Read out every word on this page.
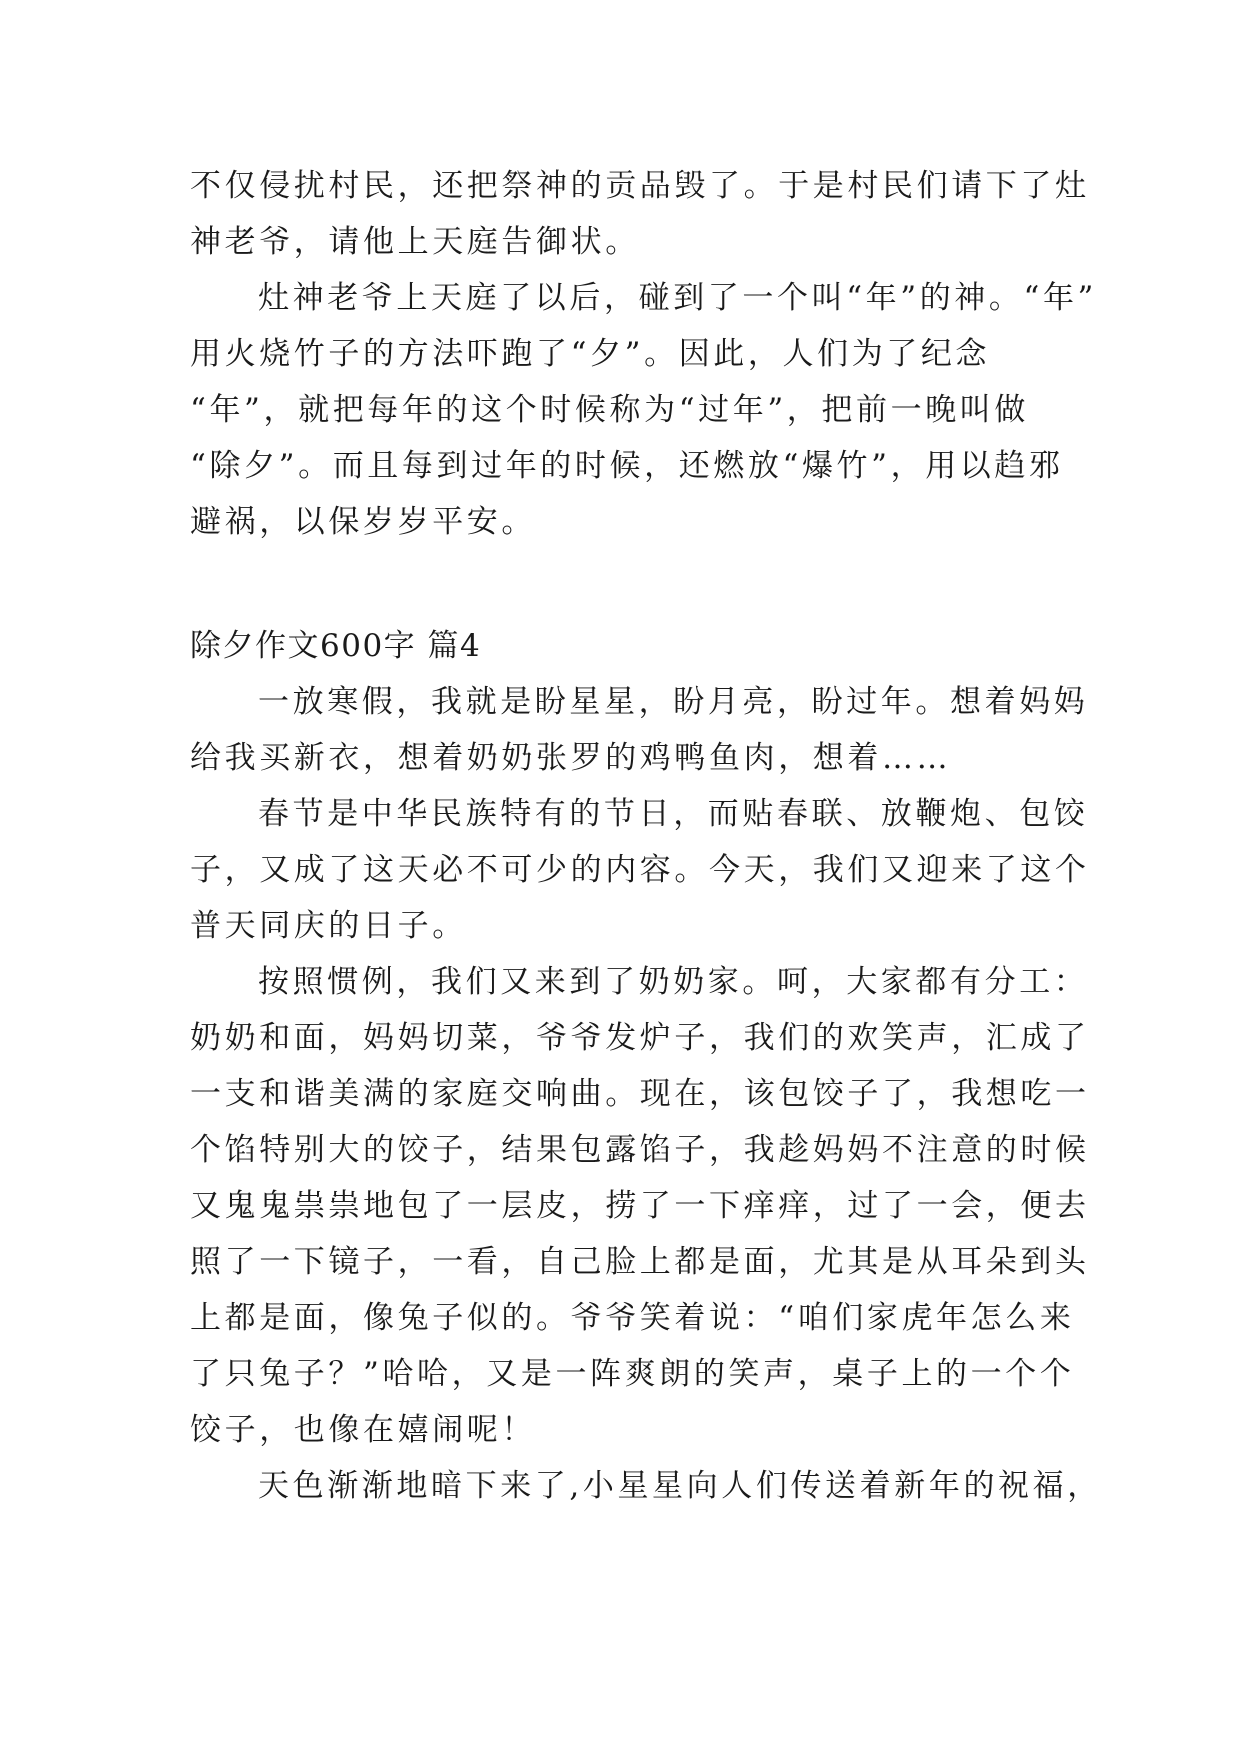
不仅侵扰村民，还把祭神的贡品毁了。于是村民们请下了灶
神老爷，请他上天庭告御状。
灶神老爷上天庭了以后，碰到了一个叫“年”的神。“年”
用火烧竹子的方法吓跑了“夕”。因此，人们为了纪念
“年”，就把每年的这个时候称为“过年”，把前一晚叫做
“除夕”。而且每到过年的时候，还燃放“爆竹”，用以趋邪
避祸，以保岁岁平安。
除夕作文600字 篇4
一放寒假，我就是盼星星，盼月亮，盼过年。想着妈妈
给我买新衣，想着奶奶张罗的鸡鸭鱼肉，想着……
春节是中华民族特有的节日，而贴春联、放鞭炮、包饺
子，又成了这天必不可少的内容。今天，我们又迎来了这个
普天同庆的日子。
按照惯例，我们又来到了奶奶家。呵，大家都有分工：
奶奶和面，妈妈切菜，爷爷发炉子，我们的欢笑声，汇成了
一支和谐美满的家庭交响曲。现在，该包饺子了，我想吃一
个馅特别大的饺子，结果包露馅子，我趁妈妈不注意的时候
又鬼鬼祟祟地包了一层皮，捞了一下痒痒，过了一会，便去
照了一下镜子，一看，自己脸上都是面，尤其是从耳朵到头
上都是面，像兔子似的。爷爷笑着说：“咱们家虎年怎么来
了只兔子？”哈哈，又是一阵爽朗的笑声，桌子上的一个个
饺子，也像在嬉闹呢！
天色渐渐地暗下来了,小星星向人们传送着新年的祝福，
